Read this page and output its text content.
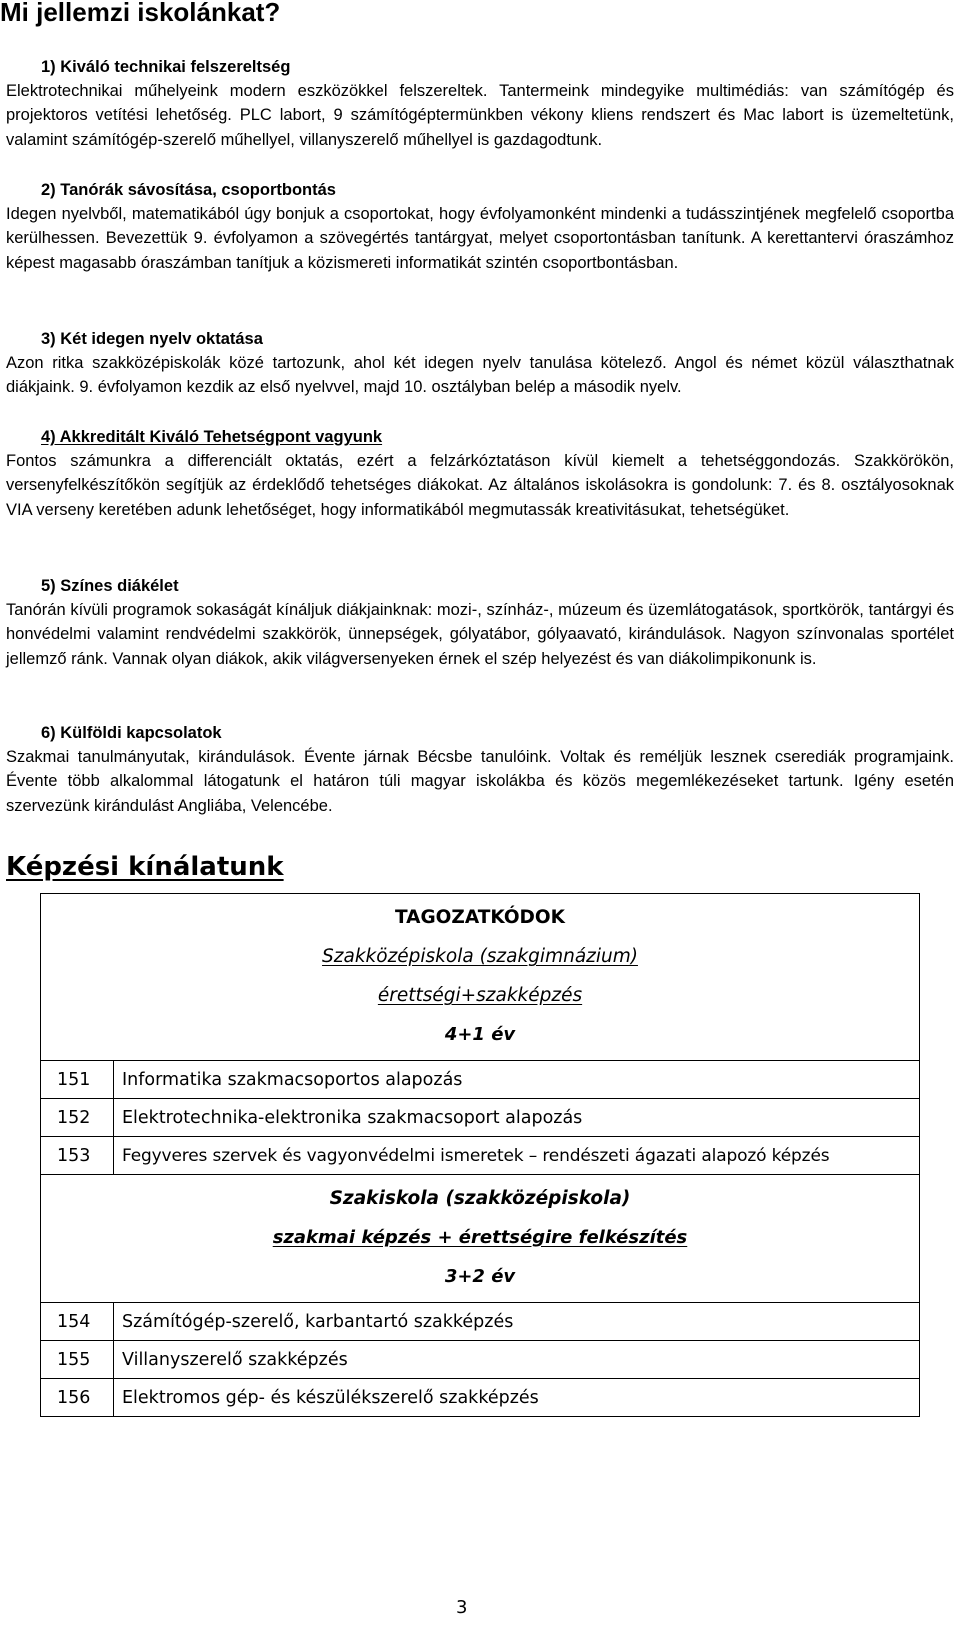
Mi jellemzi iskolánkat?
1) Kiváló technikai felszereltség
Elektrotechnikai műhelyeink modern eszközökkel felszereltek. Tantermeink mindegyike multimédiás: van számítógép és projektoros vetítési lehetőség. PLC labort, 9 számítógéptermünkben vékony kliens rendszert és Mac labort is üzemeltetünk, valamint számítógép-szerelő műhellyel, villanyszerelő műhellyel is gazdagodtunk.
2) Tanórák sávosítása, csoportbontás
Idegen nyelvből, matematikából úgy bonjuk a csoportokat, hogy évfolyamonként mindenki a tudásszintjének megfelelő csoportba kerülhessen. Bevezettük 9. évfolyamon a szövegértés tantárgyat, melyet csoportontásban tanítunk. A kerettantervi óraszámhoz képest magasabb óraszámban tanítjuk a közismereti informatikát szintén csoportbontásban.
3) Két idegen nyelv oktatása
Azon ritka szakközépiskolák közé tartozunk, ahol két idegen nyelv tanulása kötelező. Angol és német közül választhatnak diákjaink. 9. évfolyamon kezdik az első nyelvvel, majd 10. osztályban belép a második nyelv.
4) Akkreditált Kiváló Tehetségpont vagyunk
Fontos számunkra a differenciált oktatás, ezért a felzárkóztatáson kívül kiemelt a tehetséggondozás. Szakkörökön, versenyfelkészítőkön segítjük az érdeklődő tehetséges diákokat. Az általános iskolásokra is gondolunk: 7. és 8. osztályosoknak VIA verseny keretében adunk lehetőséget, hogy informatikából megmutassák kreativitásukat, tehetségüket.
5) Színes diákélet
Tanórán kívüli programok sokaságát kínáljuk diákjainknak: mozi-, színház-, múzeum és üzemlátogatások, sportkörök, tantárgyi és honvédelmi valamint rendvédelmi szakkörök, ünnepségek, gólyatábor, gólyaavató, kirándulások. Nagyon színvonalas sportélet jellemző ránk. Vannak olyan diákok, akik világversenyeken érnek el szép helyezést és van diákolimpikonunk is.
6) Külföldi kapcsolatok
Szakmai tanulmányutak, kirándulások. Évente járnak Bécsbe tanulóink. Voltak és reméljük lesznek cserediák programjaink. Évente több alkalommal látogatunk el határon túli magyar iskolákba és közös megemlékezéseket tartunk. Igény esetén szervezünk kirándulást Angliába, Velencébe.
Képzési kínálatunk
TAGOZATKÓDOK
Szakközépiskola (szakgimnázium)
érettségi+szakképzés
4+1 év	

151	Informatika szakmacsoportos alapozás
152	Elektrotechnika-elektronika szakmacsoport alapozás
153	Fegyveres szervek és vagyonvédelmi ismeretek – rendészeti ágazati alapozó képzés

Szakiskola (szakközépiskola)
szakmai képzés + érettségire felkészítés
3+2 év	

154	Számítógép-szerelő, karbantartó szakképzés
155	Villanyszerelő szakképzés
156	Elektromos gép- és készülékszerelő szakképzés
3
